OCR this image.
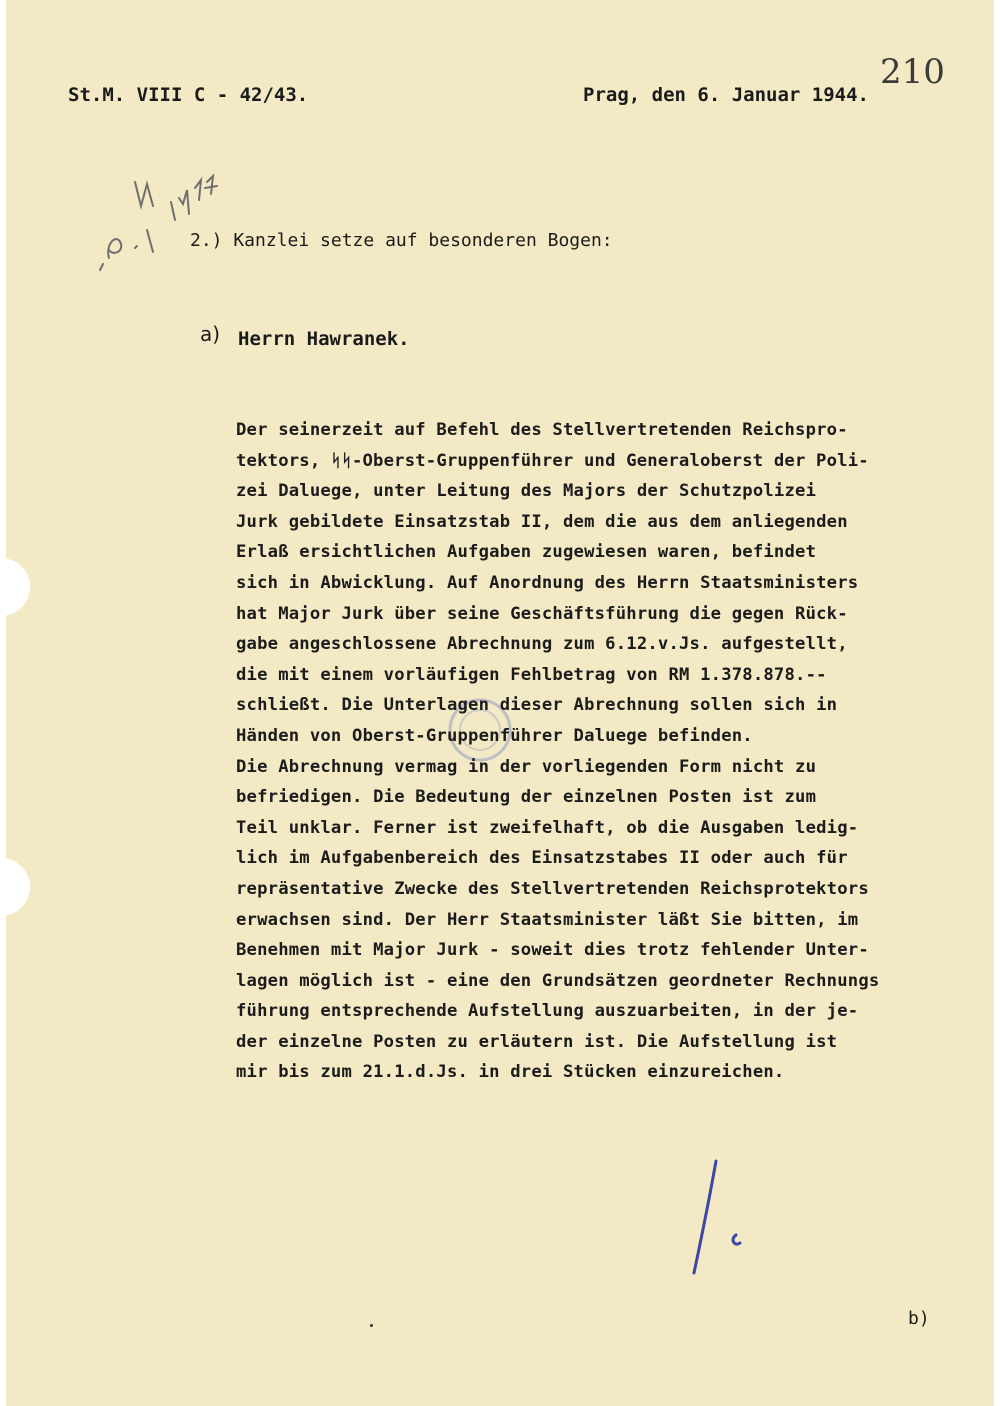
St.M. VIII C - 42/43.	Prag, den 6. Januar 1944.
210
2.) Kanzlei setze auf besonderen Bogen:
a) Herrn Hawranek.
Der seinerzeit auf Befehl des Stellvertretenden Reichspro-
tektors, ᛋᛋ-Oberst-Gruppenführer und Generaloberst der Poli-
zei Daluege, unter Leitung des Majors der Schutzpolizei
Jurk gebildete Einsatzstab II, dem die aus dem anliegenden
Erlaß ersichtlichen Aufgaben zugewiesen waren, befindet
sich in Abwicklung. Auf Anordnung des Herrn Staatsministers
hat Major Jurk über seine Geschäftsführung die gegen Rück-
gabe angeschlossene Abrechnung zum 6.12.v.Js. aufgestellt,
die mit einem vorläufigen Fehlbetrag von RM 1.378.878.--
schließt. Die Unterlagen dieser Abrechnung sollen sich in
Händen von Oberst-Gruppenführer Daluege befinden.
Die Abrechnung vermag in der vorliegenden Form nicht zu
befriedigen. Die Bedeutung der einzelnen Posten ist zum
Teil unklar. Ferner ist zweifelhaft, ob die Ausgaben ledig-
lich im Aufgabenbereich des Einsatzstabes II oder auch für
repräsentative Zwecke des Stellvertretenden Reichsprotektors
erwachsen sind. Der Herr Staatsminister läßt Sie bitten, im
Benehmen mit Major Jurk - soweit dies trotz fehlender Unter-
lagen möglich ist - eine den Grundsätzen geordneter Rechnungs
führung entsprechende Aufstellung auszuarbeiten, in der je-
der einzelne Posten zu erläutern ist. Die Aufstellung ist
mir bis zum 21.1.d.Js. in drei Stücken einzureichen.
b)
